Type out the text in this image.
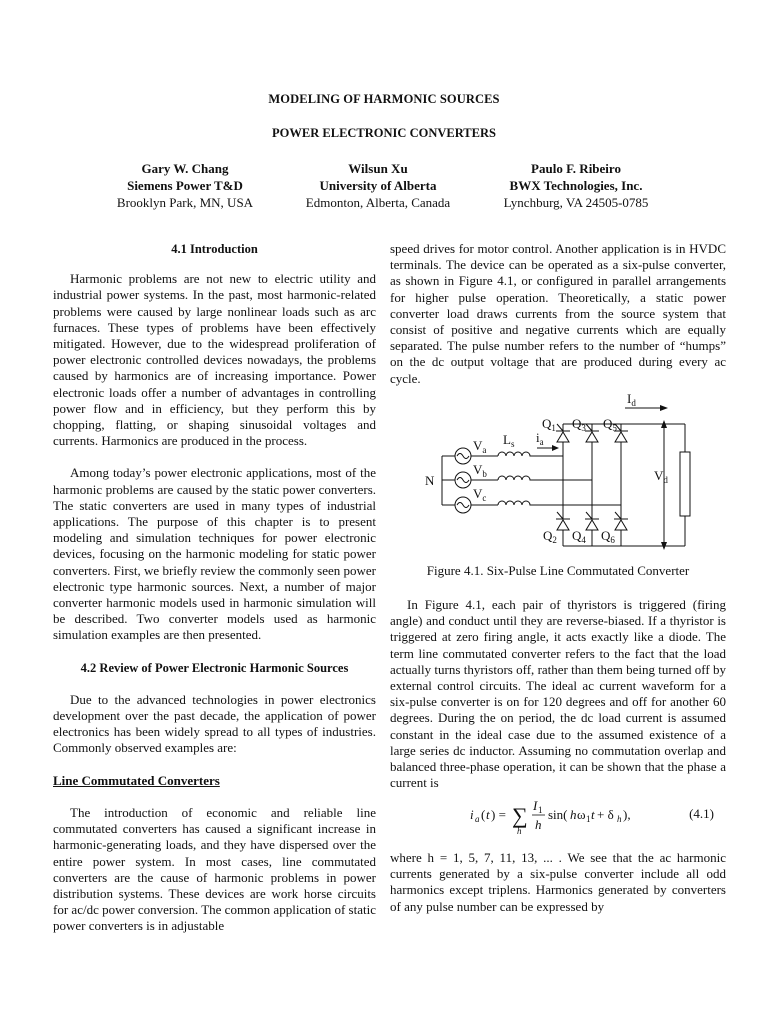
MODELING OF HARMONIC SOURCES
POWER ELECTRONIC CONVERTERS
Gary W. Chang
Siemens Power T&D
Brooklyn Park, MN, USA
Wilsun Xu
University of Alberta
Edmonton, Alberta, Canada
Paulo F. Ribeiro
BWX Technologies, Inc.
Lynchburg, VA 24505-0785
4.1 Introduction

Harmonic problems are not new to electric utility and industrial power systems. In the past, most harmonic-related problems were caused by large nonlinear loads such as arc furnaces. These types of problems have been effectively mitigated. However, due to the widespread proliferation of power electronic controlled devices nowadays, the problems caused by harmonics are of increasing importance. Power electronic loads offer a number of advantages in controlling power flow and in efficiency, but they perform this by chopping, flatting, or shaping sinusoidal voltages and currents. Harmonics are produced in the process.

Among today’s power electronic applications, most of the harmonic problems are caused by the static power converters. The static converters are used in many types of industrial applications. The purpose of this chapter is to present modeling and simulation techniques for power electronic devices, focusing on the harmonic modeling for static power converters. First, we briefly review the commonly seen power electronic type harmonic sources. Next, a number of major converter harmonic models used in harmonic simulation will be described. Two converter models used as harmonic simulation examples are then presented.

4.2 Review of Power Electronic Harmonic Sources

Due to the advanced technologies in power electronics development over the past decade, the application of power electronics has been widely spread to all types of industries. Commonly observed examples are:

Line Commutated Converters

The introduction of economic and reliable line commutated converters has caused a significant increase in harmonic-generating loads, and they have dispersed over the entire power system. In most cases, line commutated converters are the cause of harmonic problems in power distribution systems. These devices are work horse circuits for ac/dc power conversion. The common application of static power converters is in adjustable

speed drives for motor control. Another application is in HVDC terminals. The device can be operated as a six-pulse converter, as shown in Figure 4.1, or configured in parallel arrangements for higher pulse operation. Theoretically, a static power converter load draws currents from the source system that consist of positive and negative currents which are equally separated. The pulse number refers to the number of “humps” on the dc output voltage that are produced during every ac cycle.

$I_d$
$Q_1$ $Q_3$ $Q_5$
$Q_2$ $Q_4$ $Q_6$
$V_a$
$V_b$
$V_c$
$L_s$ $i_a$
N	$V_d$
Figure 4.1. Six-Pulse Line Commutated Converter

In Figure 4.1, each pair of thyristors is triggered (firing angle) and conduct until they are reverse-biased. If a thyristor is triggered at zero firing angle, it acts exactly like a diode. The term line commutated converter refers to the fact that the load actually turns thyristors off, rather than them being turned off by external control circuits. The ideal ac current waveform for a six-pulse converter is on for 120 degrees and off for another 60 degrees. During the on period, the dc load current is assumed constant in the ideal case due to the assumed existence of a large series dc inductor. Assuming no commutation overlap and balanced three-phase operation, it can be shown that the phase a current is

i a ( t ) = ∑
h
I 1
h
sin( h ω 1 t + δ h ),	(4.1)

where h = 1, 5, 7, 11, 13, ... . We see that the ac harmonic currents generated by a six-pulse converter include all odd harmonics except triplens. Harmonics generated by converters of any pulse number can be expressed by
